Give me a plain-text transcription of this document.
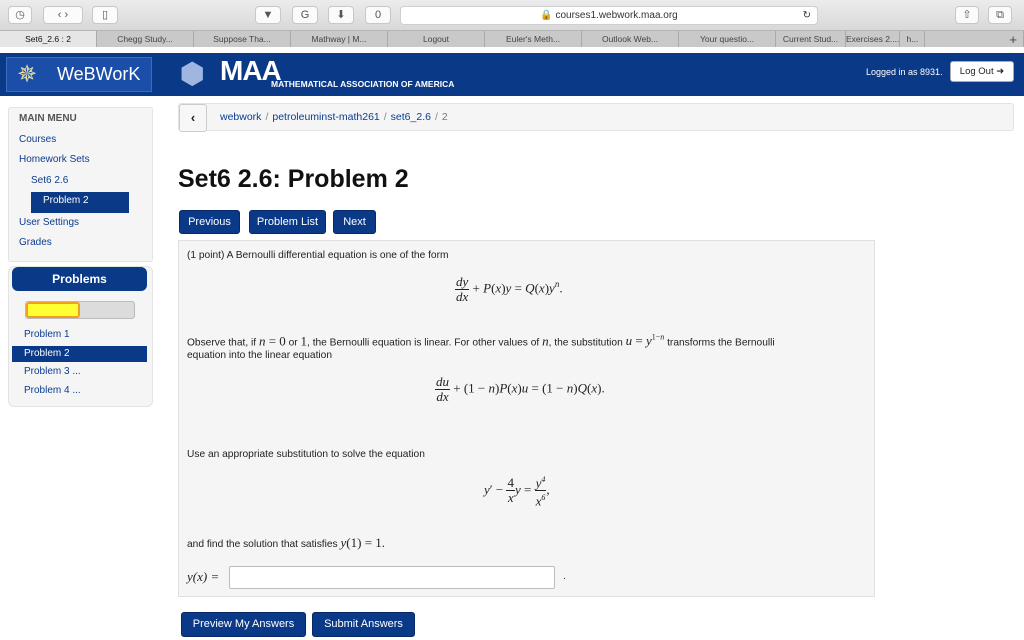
◷	‹ ›	▯	▼	G	⬇	0	🔒 courses1.webwork.maa.org	↻	⇧	⧉
Set6_2.6 : 2	Chegg Study...	Suppose Tha...	Mathway | M...	Logout	Euler's Meth...	Outlook Web...	Your questio...	Current Stud... Exercises 2.... h...	+
✵ WeBWorK	⬢ MAA
MATHEMATICAL ASSOCIATION OF AMERICA
Logged in as 8931.	Log Out ➜
MAIN MENU
Courses
Homework Sets
Set6 2.6
Problem 2
User Settings
Grades
Problems
Problem 1
Problem 2
Problem 3 ...
Problem 4 ...
‹	webwork / petroleuminst-math261 / set6_2.6 / 2
Set6 2.6: Problem 2
Previous	Problem List	Next
(1 point) A Bernoulli differential equation is one of the form
$\frac{dy}{dx} + P(x)y = Q(x)y^n$.
Observe that, if n = 0 or 1, the Bernoulli equation is linear. For other values of n, the substitution $u = y^{1-n}$ transforms the Bernoulli
equation into the linear equation
$\frac{du}{dx} + (1 - n)P(x)u = (1 - n)Q(x)$.
Use an appropriate substitution to solve the equation
$y' - \frac{4}{x}$ $y = \frac{y^4}{x^6}$ ,
and find the solution that satisfies y(1) = 1.
y(x) =	.
Preview My Answers	Submit Answers
